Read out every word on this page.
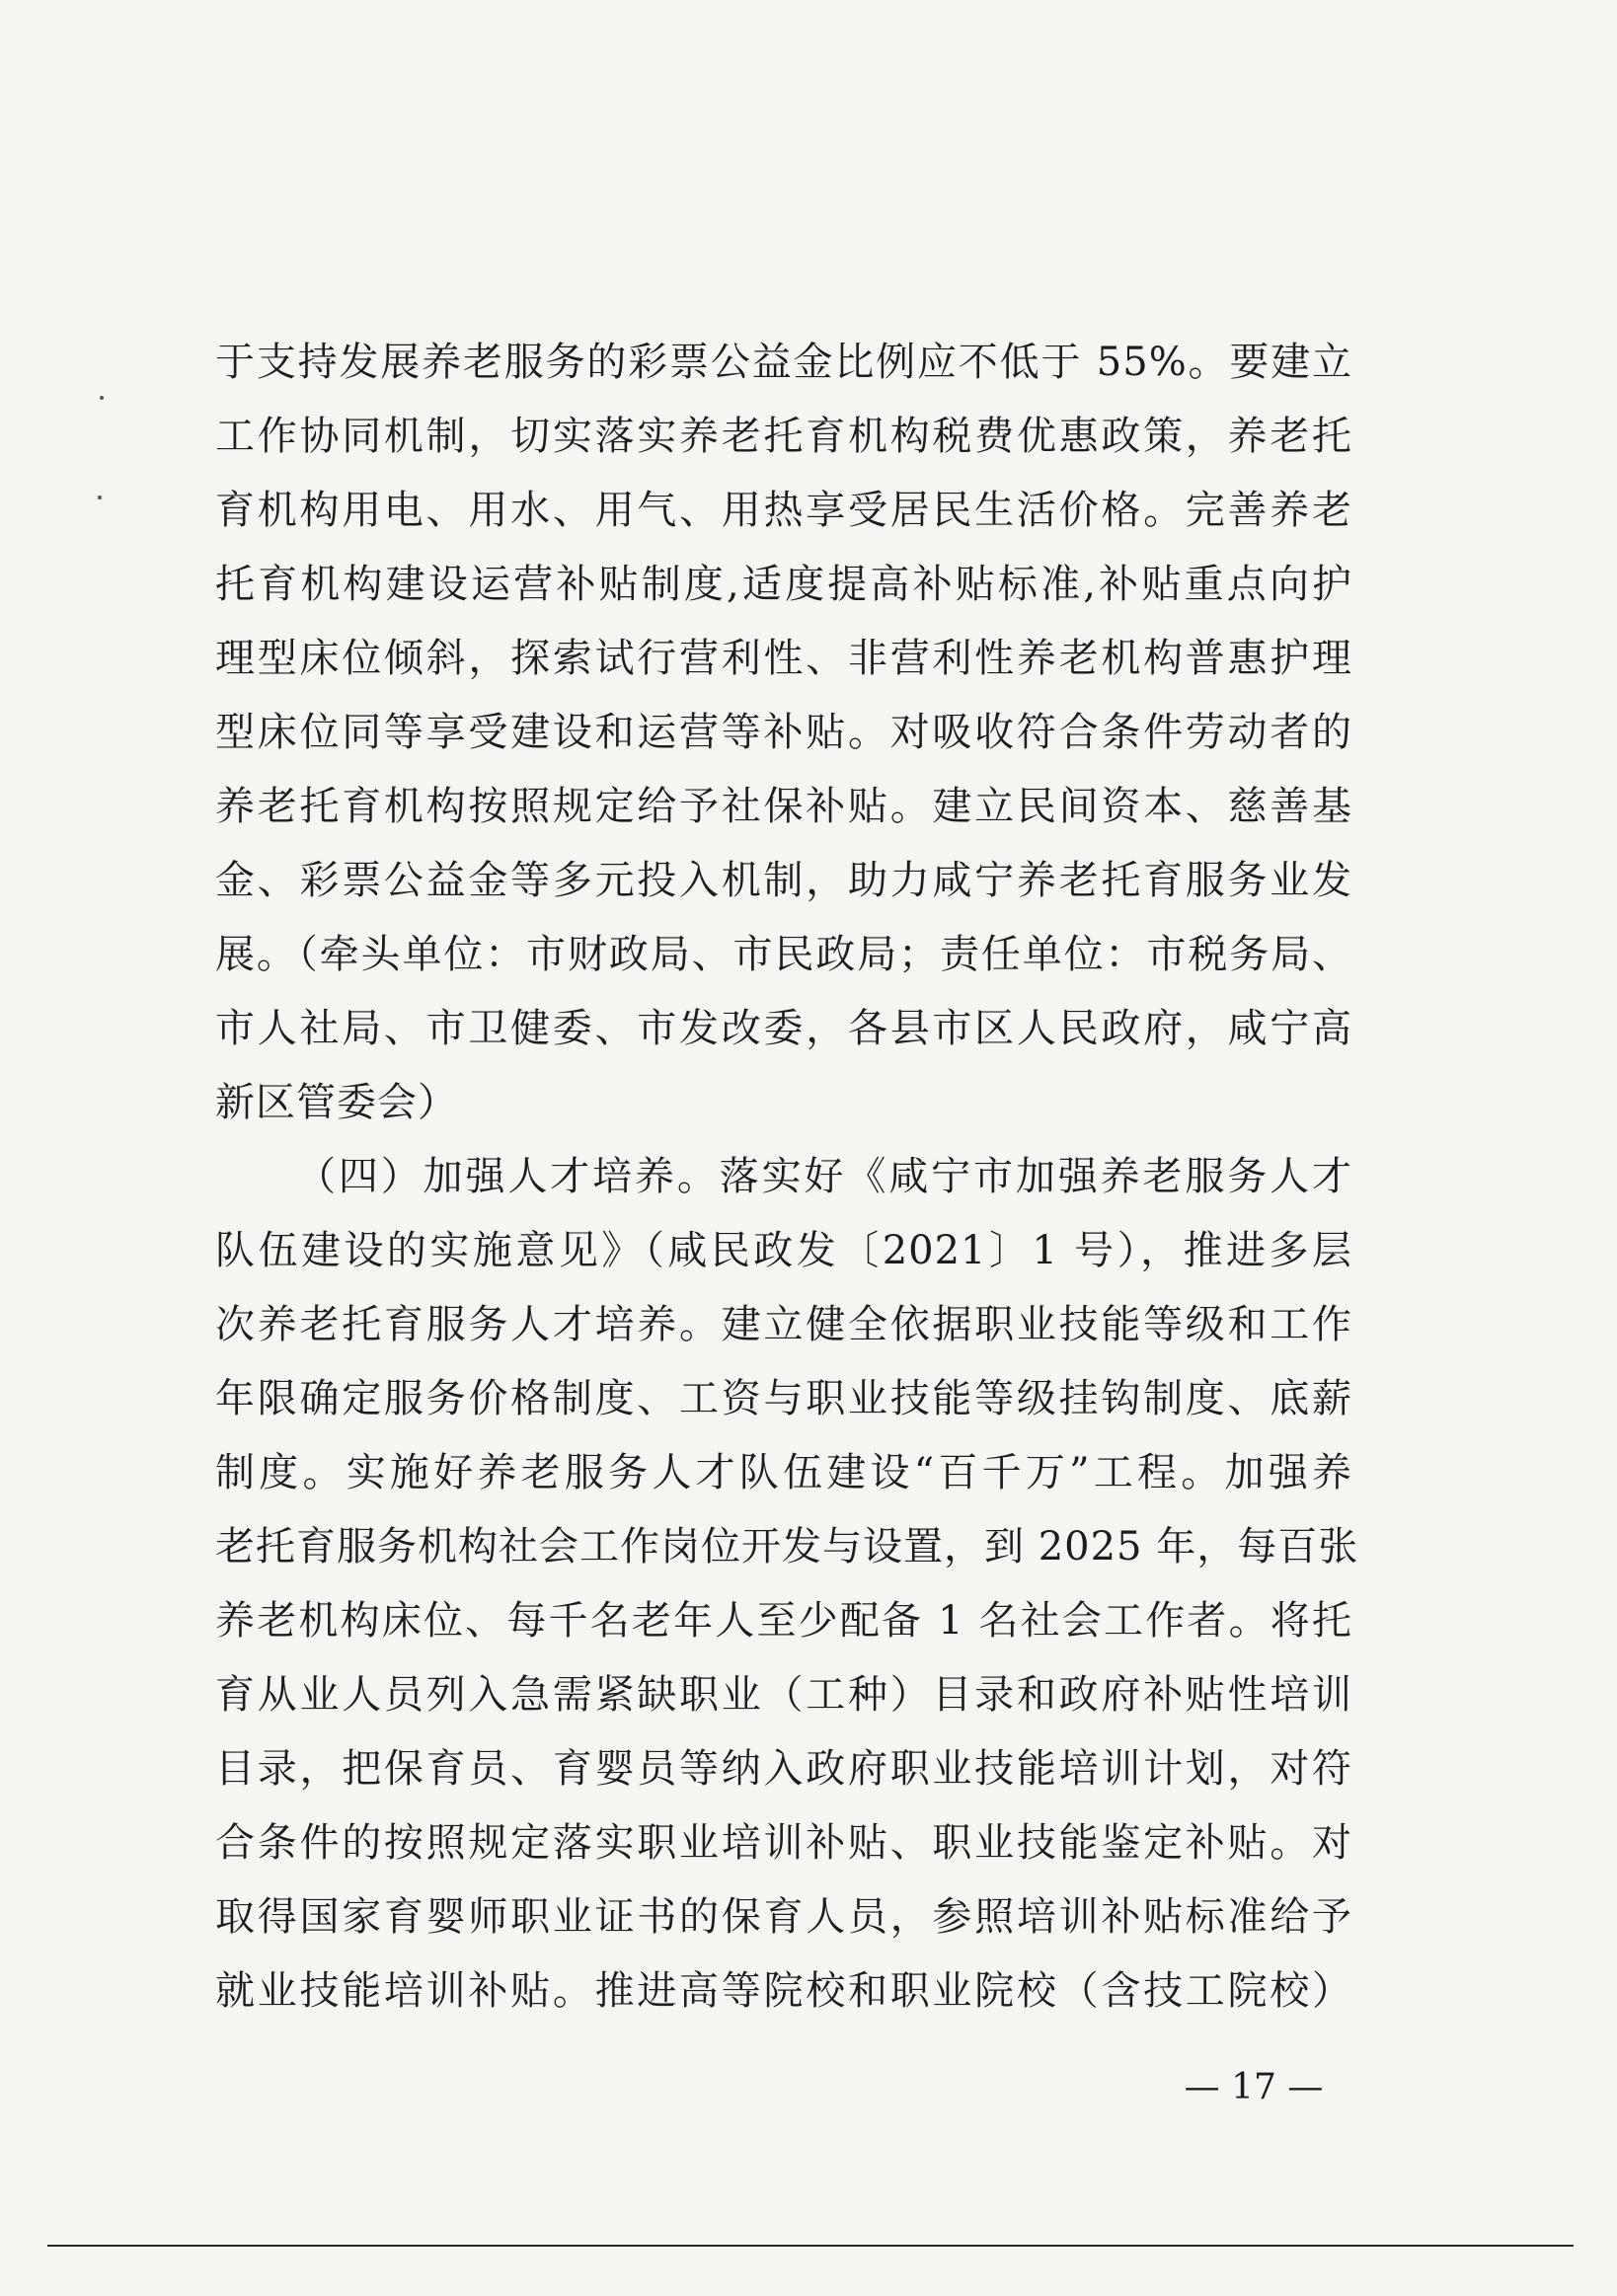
于支持发展养老服务的彩票公益金比例应不低于 55%。要建立
工作协同机制，切实落实养老托育机构税费优惠政策，养老托
育机构用电、用水、用气、用热享受居民生活价格。完善养老
托育机构建设运营补贴制度,适度提高补贴标准,补贴重点向护
理型床位倾斜，探索试行营利性、非营利性养老机构普惠护理
型床位同等享受建设和运营等补贴。对吸收符合条件劳动者的
养老托育机构按照规定给予社保补贴。建立民间资本、慈善基
金、彩票公益金等多元投入机制，助力咸宁养老托育服务业发
展。（牵头单位：市财政局、市民政局；责任单位：市税务局、
市人社局、市卫健委、市发改委，各县市区人民政府，咸宁高
新区管委会）
（四）加强人才培养。落实好《咸宁市加强养老服务人才
队伍建设的实施意见》（咸民政发〔2021〕1 号），推进多层
次养老托育服务人才培养。建立健全依据职业技能等级和工作
年限确定服务价格制度、工资与职业技能等级挂钩制度、底薪
制度。实施好养老服务人才队伍建设“百千万”工程。加强养
老托育服务机构社会工作岗位开发与设置，到 2025 年，每百张
养老机构床位、每千名老年人至少配备 1 名社会工作者。将托
育从业人员列入急需紧缺职业（工种）目录和政府补贴性培训
目录，把保育员、育婴员等纳入政府职业技能培训计划，对符
合条件的按照规定落实职业培训补贴、职业技能鉴定补贴。对
取得国家育婴师职业证书的保育人员，参照培训补贴标准给予
就业技能培训补贴。推进高等院校和职业院校（含技工院校）
— 17 —
